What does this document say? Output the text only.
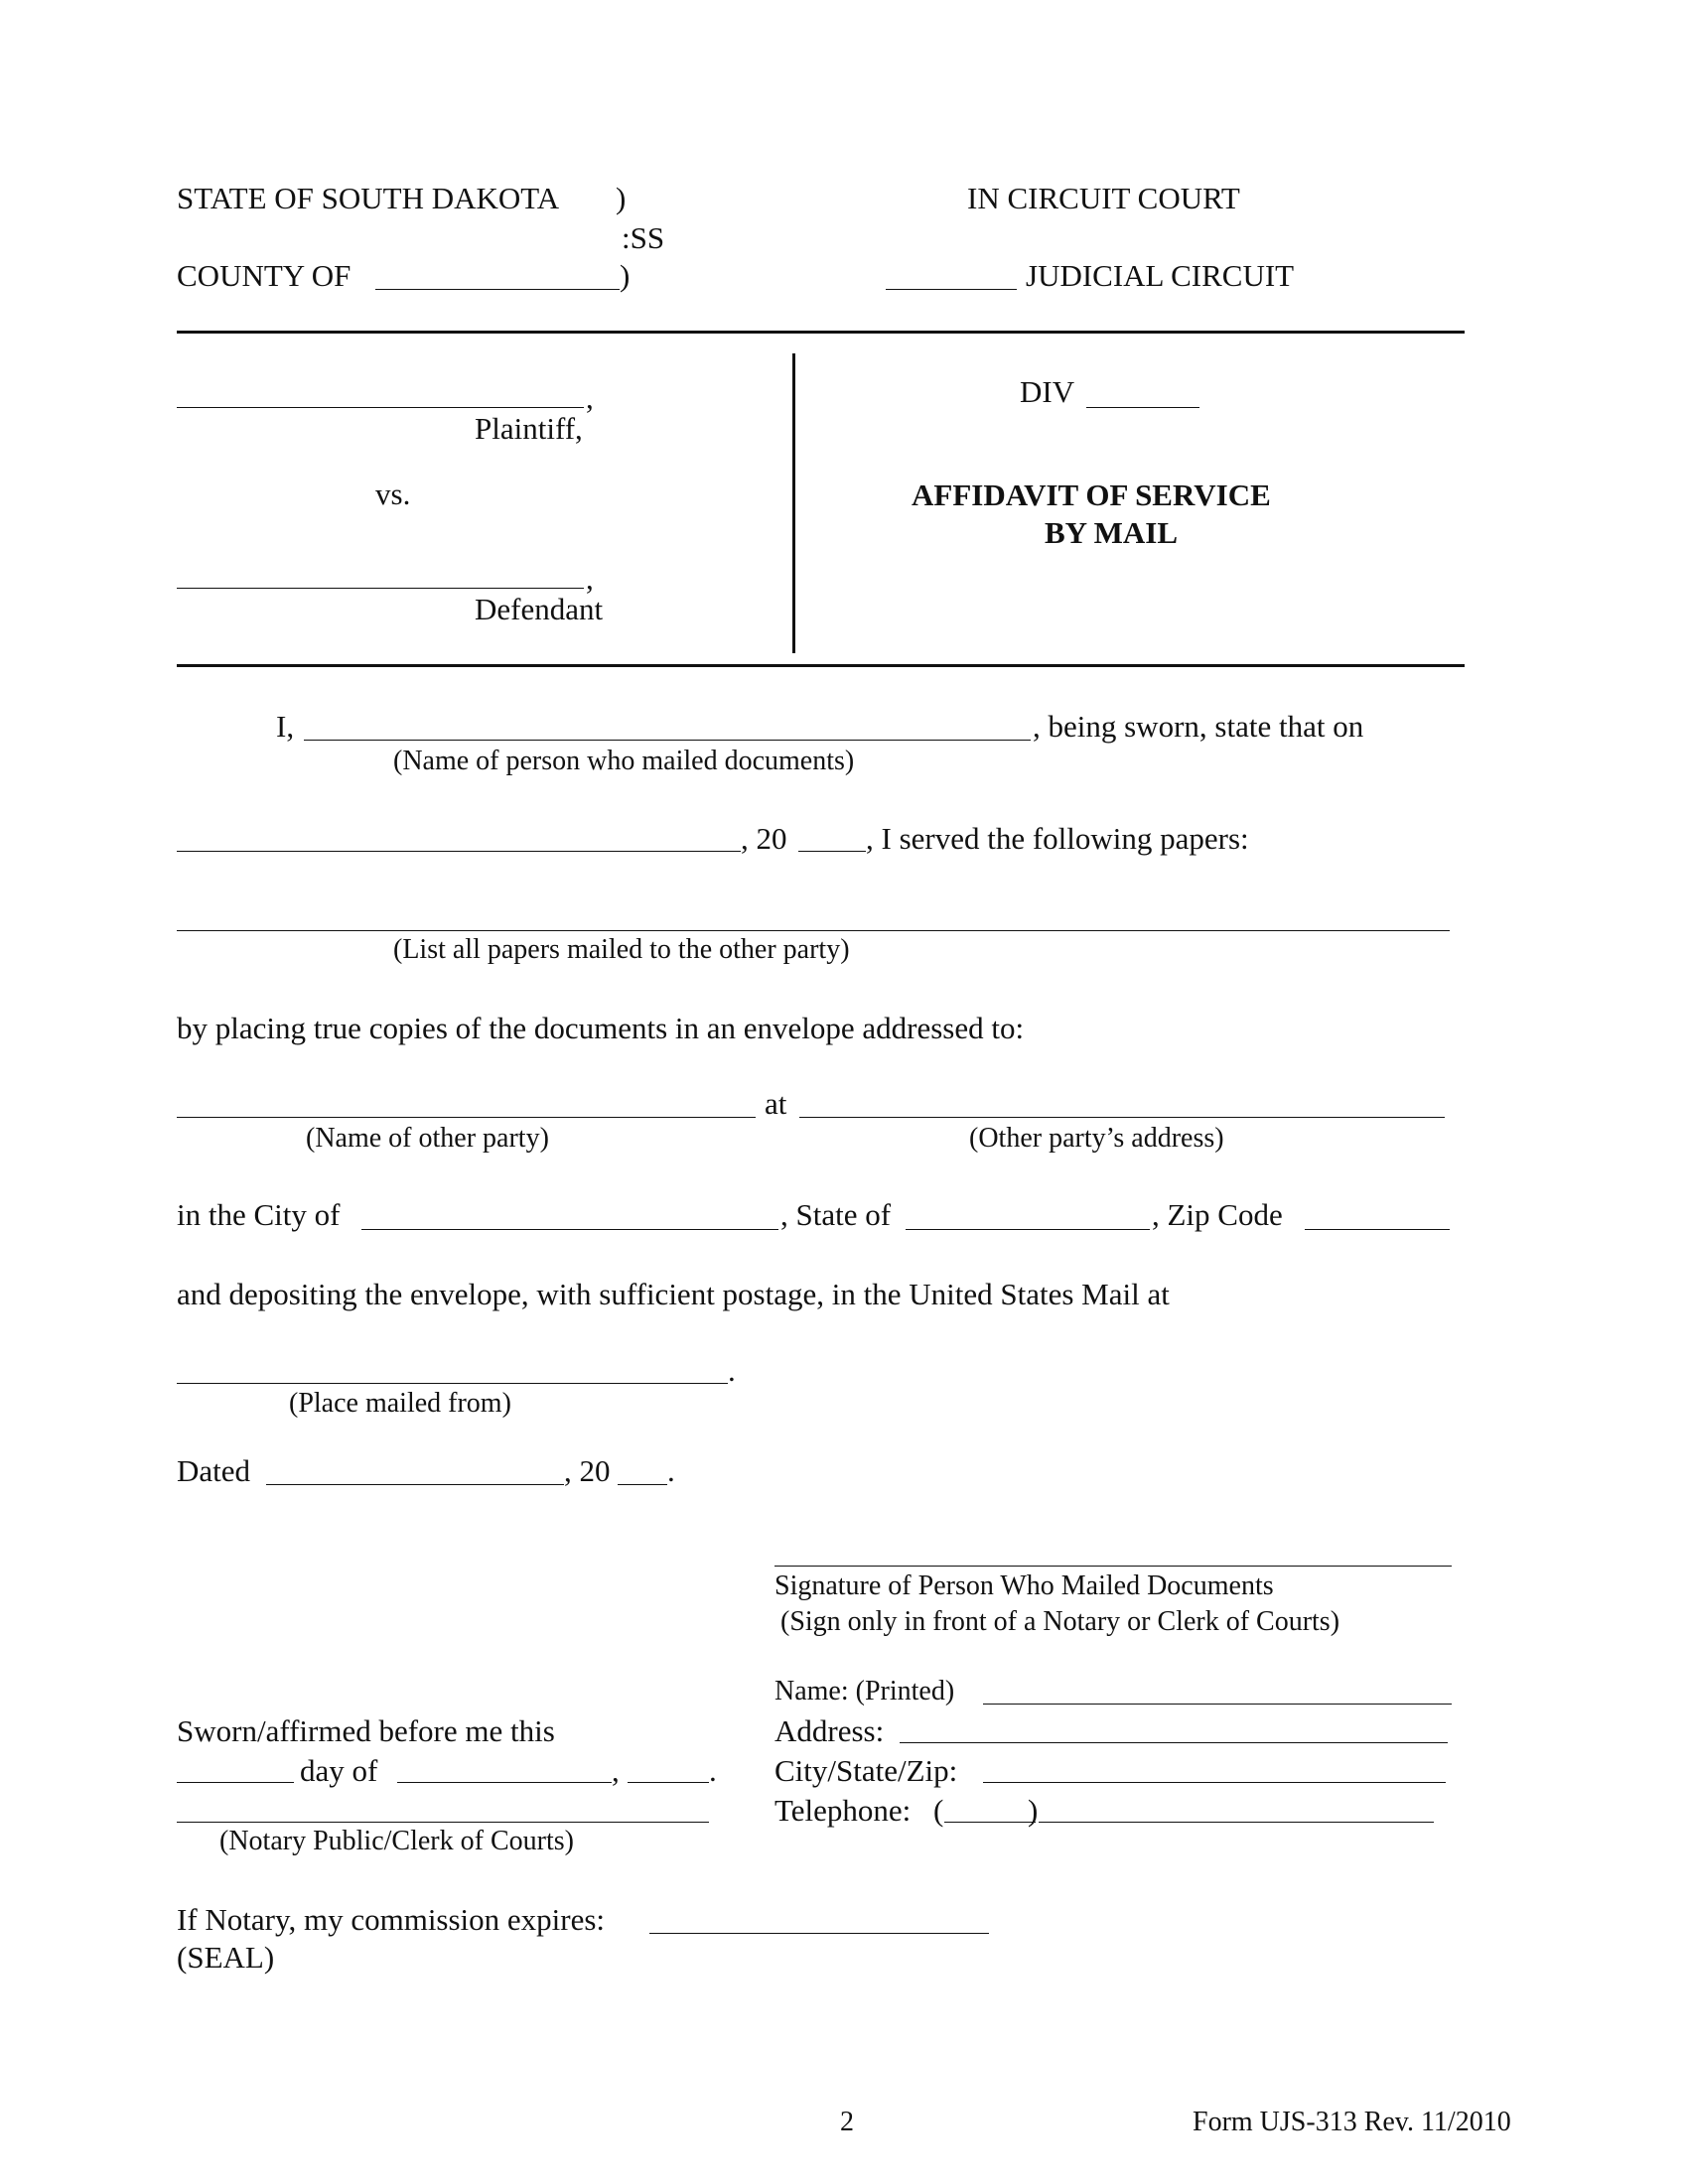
STATE OF SOUTH DAKOTA )
:SS
COUNTY OF	)
IN CIRCUIT COURT
JUDICIAL CIRCUIT
,
Plaintiff,
vs.
,
Defendant
DIV
AFFIDAVIT OF SERVICE
BY MAIL
I,	, being sworn, state that on
(Name of person who mailed documents)
, 20	, I served the following papers:
(List all papers mailed to the other party)
by placing true copies of the documents in an envelope addressed to:
at
(Name of other party)	(Other party’s address)
in the City of	, State of	, Zip Code
and depositing the envelope, with sufficient postage, in the United States Mail at
.
(Place mailed from)
Dated	, 20 .
Signature of Person Who Mailed Documents
(Sign only in front of a Notary or Clerk of Courts)
Name: (Printed)
Address:
City/State/Zip:
Telephone: (	)
Sworn/affirmed before me this
day of	,	.
(Notary Public/Clerk of Courts)
If Notary, my commission expires:
(SEAL)
2	Form UJS-313 Rev. 11/2010
